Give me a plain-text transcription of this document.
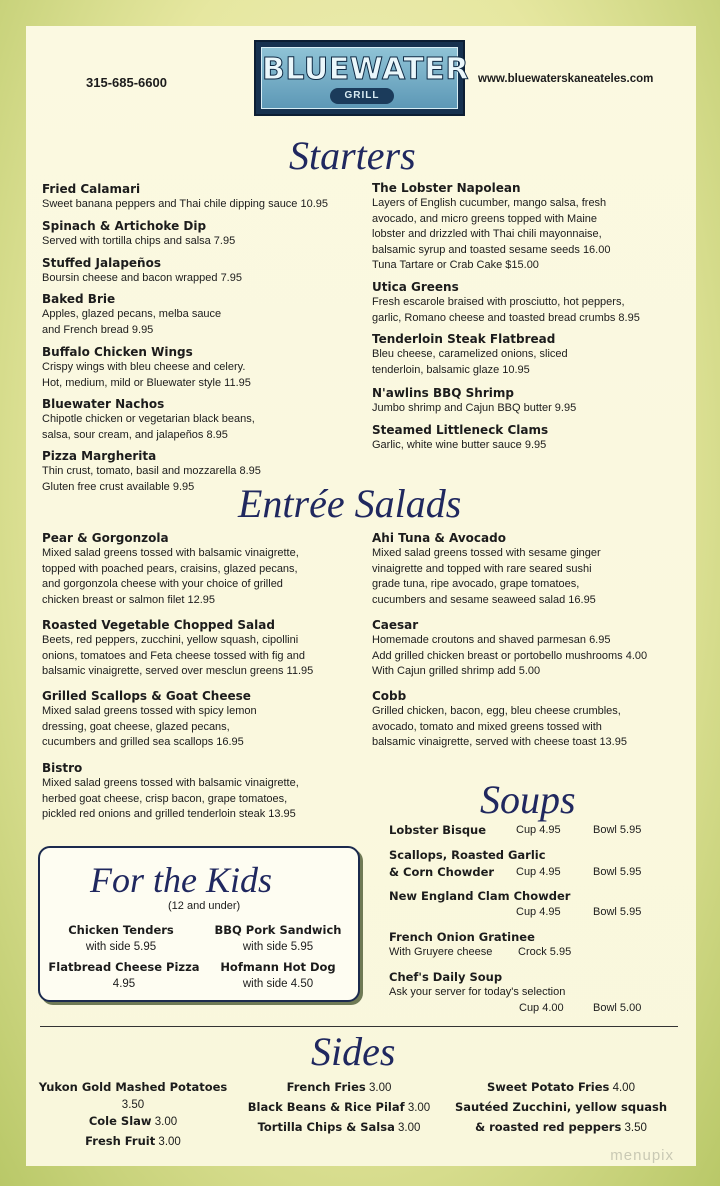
315-685-6600	BLUEWATER
GRILL
www.bluewaterskaneateles.com
Starters
Fried Calamari
Sweet banana peppers and Thai chile dipping sauce 10.95
Spinach & Artichoke Dip
Served with tortilla chips and salsa 7.95
Stuffed Jalapeños
Boursin cheese and bacon wrapped 7.95
Baked Brie
Apples, glazed pecans, melba sauce
and French bread 9.95
Buffalo Chicken Wings
Crispy wings with bleu cheese and celery.
Hot, medium, mild or Bluewater style 11.95
Bluewater Nachos
Chipotle chicken or vegetarian black beans,
salsa, sour cream, and jalapeños 8.95
Pizza Margherita
Thin crust, tomato, basil and mozzarella 8.95
Gluten free crust available 9.95
The Lobster Napolean
Layers of English cucumber, mango salsa, fresh
avocado, and micro greens topped with Maine
lobster and drizzled with Thai chili mayonnaise,
balsamic syrup and toasted sesame seeds 16.00
Tuna Tartare or Crab Cake $15.00
Utica Greens
Fresh escarole braised with prosciutto, hot peppers,
garlic, Romano cheese and toasted bread crumbs 8.95
Tenderloin Steak Flatbread
Bleu cheese, caramelized onions, sliced
tenderloin, balsamic glaze 10.95
N'awlins BBQ Shrimp
Jumbo shrimp and Cajun BBQ butter 9.95
Steamed Littleneck Clams
Garlic, white wine butter sauce 9.95
Entrée Salads
Pear & Gorgonzola
Mixed salad greens tossed with balsamic vinaigrette,
topped with poached pears, craisins, glazed pecans,
and gorgonzola cheese with your choice of grilled
chicken breast or salmon filet 12.95
Roasted Vegetable Chopped Salad
Beets, red peppers, zucchini, yellow squash, cipollini
onions, tomatoes and Feta cheese tossed with fig and
balsamic vinaigrette, served over mesclun greens 11.95
Grilled Scallops & Goat Cheese
Mixed salad greens tossed with spicy lemon
dressing, goat cheese, glazed pecans,
cucumbers and grilled sea scallops 16.95
Bistro
Mixed salad greens tossed with balsamic vinaigrette,
herbed goat cheese, crisp bacon, grape tomatoes,
pickled red onions and grilled tenderloin steak 13.95
Ahi Tuna & Avocado
Mixed salad greens tossed with sesame ginger
vinaigrette and topped with rare seared sushi
grade tuna, ripe avocado, grape tomatoes,
cucumbers and sesame seaweed salad 16.95
Caesar
Homemade croutons and shaved parmesan 6.95
Add grilled chicken breast or portobello mushrooms 4.00
With Cajun grilled shrimp add 5.00
Cobb
Grilled chicken, bacon, egg, bleu cheese crumbles,
avocado, tomato and mixed greens tossed with
balsamic vinaigrette, served with cheese toast 13.95
For the Kids
(12 and under)
Chicken Tenders
with side 5.95
BBQ Pork Sandwich
with side 5.95
Flatbread Cheese Pizza
4.95
Hofmann Hot Dog
with side 4.50
Soups
Lobster Bisque	Cup 4.95	Bowl 5.95
Scallops, Roasted Garlic
& Corn Chowder Cup 4.95	Bowl 5.95
New England Clam Chowder
Cup 4.95	Bowl 5.95
French Onion Gratinee
With Gruyere cheese Crock 5.95
Chef's Daily Soup
Ask your server for today's selection
Cup 4.00	Bowl 5.00
Sides
Yukon Gold Mashed Potatoes
3.50
Cole Slaw 3.00
Fresh Fruit 3.00
French Fries 3.00
Black Beans & Rice Pilaf 3.00
Tortilla Chips & Salsa 3.00
Sweet Potato Fries 4.00
Sautéed Zucchini, yellow squash
& roasted red peppers 3.50
menupix
